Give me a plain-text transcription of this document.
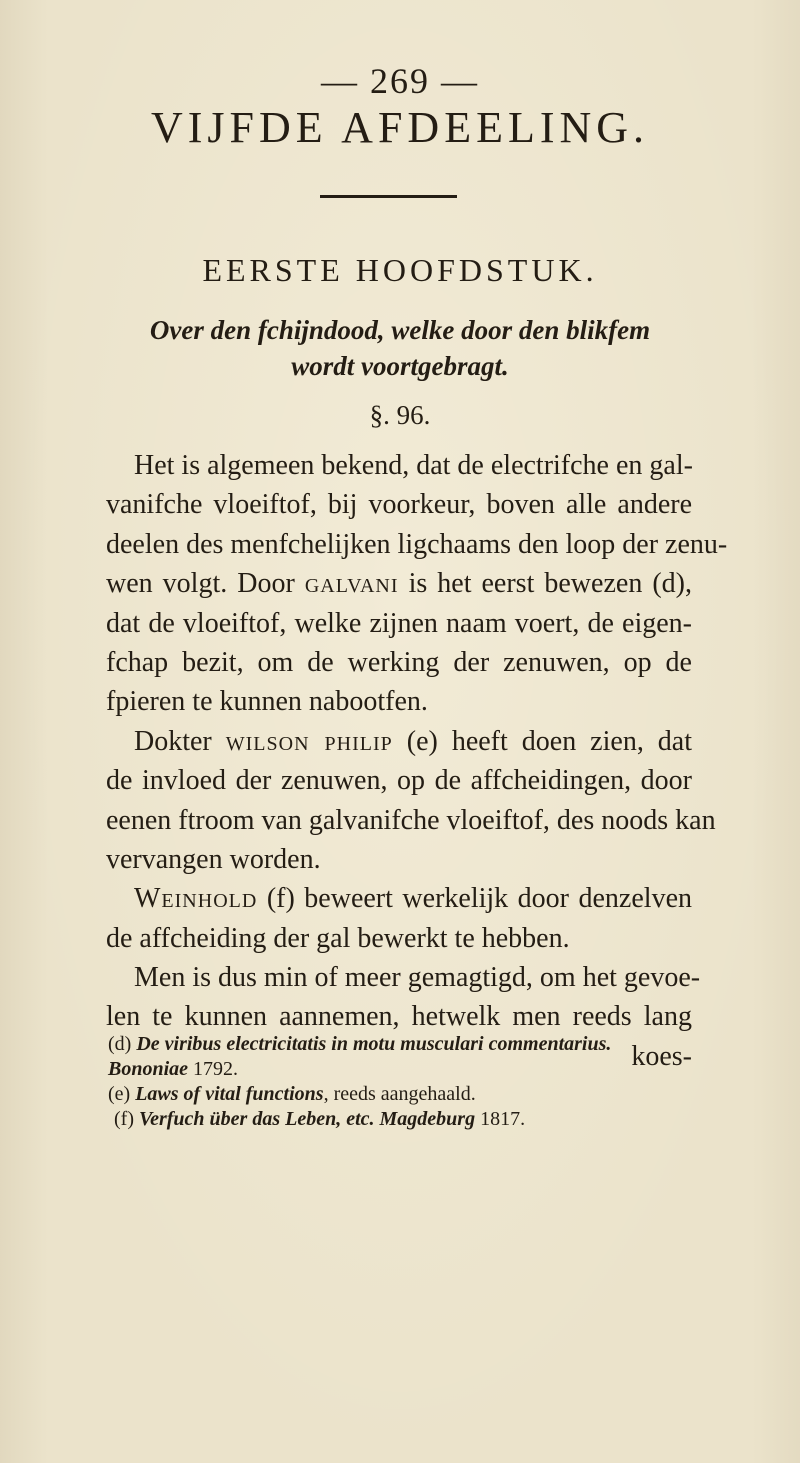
— 269 —
VIJFDE AFDEELING.
EERSTE HOOFDSTUK.
Over den fchijndood, welke door den blikfem
wordt voortgebragt.
§. 96.
Het is algemeen bekend, dat de electrifche en gal-
vanifche vloeiftof, bij voorkeur, boven alle andere
deelen des menfchelijken ligchaams den loop der zenu-
wen volgt. Door galvani is het eerst bewezen (d),
dat de vloeiftof, welke zijnen naam voert, de eigen-
fchap bezit, om de werking der zenuwen, op de
fpieren te kunnen nabootfen.
Dokter wilson philip (e) heeft doen zien, dat
de invloed der zenuwen, op de affcheidingen, door
eenen ftroom van galvanifche vloeiftof, des noods kan
vervangen worden.
Weinhold (f) beweert werkelijk door denzelven
de affcheiding der gal bewerkt te hebben.
Men is dus min of meer gemagtigd, om het gevoe-
len te kunnen aannemen, hetwelk men reeds lang
koes-
(d) De viribus electricitatis in motu musculari commentarius.
Bononiae 1792.
(e) Laws of vital functions, reeds aangehaald.
(f) Verfuch über das Leben, etc. Magdeburg 1817.
